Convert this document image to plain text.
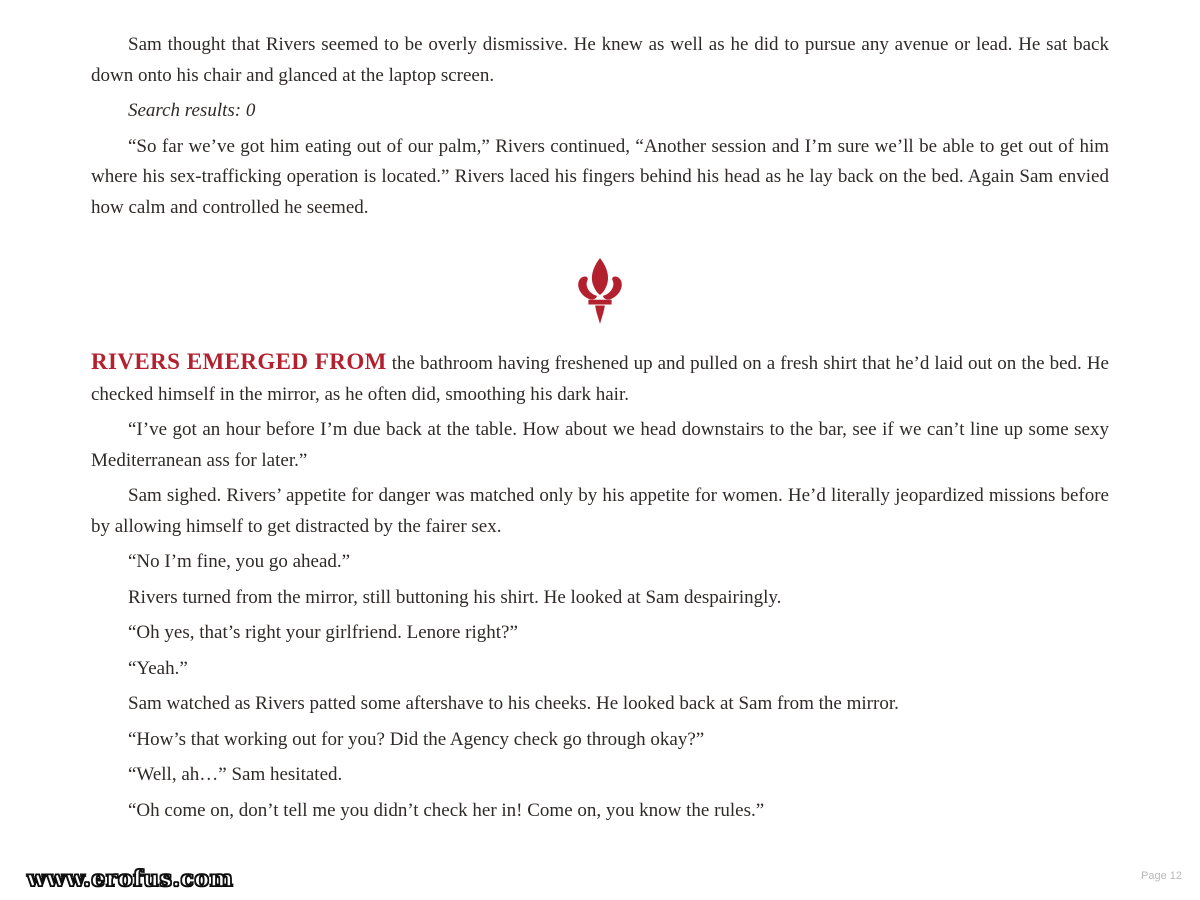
Sam thought that Rivers seemed to be overly dismissive. He knew as well as he did to pursue any avenue or lead. He sat back down onto his chair and glanced at the laptop screen.

Search results: 0

“So far we’ve got him eating out of our palm,” Rivers continued, “Another session and I’m sure we’ll be able to get out of him where his sex-trafficking operation is located.” Rivers laced his fingers behind his head as he lay back on the bed. Again Sam envied how calm and controlled he seemed.

RIVERS EMERGED FROM the bathroom having freshened up and pulled on a fresh shirt that he’d laid out on the bed. He checked himself in the mirror, as he often did, smoothing his dark hair.

“I’ve got an hour before I’m due back at the table. How about we head downstairs to the bar, see if we can’t line up some sexy Mediterranean ass for later.”

Sam sighed. Rivers’ appetite for danger was matched only by his appetite for women. He’d literally jeopardized missions before by allowing himself to get distracted by the fairer sex.

“No I’m fine, you go ahead.”

Rivers turned from the mirror, still buttoning his shirt. He looked at Sam despairingly.

“Oh yes, that’s right your girlfriend. Lenore right?”

“Yeah.”

Sam watched as Rivers patted some aftershave to his cheeks. He looked back at Sam from the mirror.

“How’s that working out for you? Did the Agency check go through okay?”

“Well, ah…” Sam hesitated.

“Oh come on, don’t tell me you didn’t check her in! Come on, you know the rules.”

www.erofus.com	Page 12
